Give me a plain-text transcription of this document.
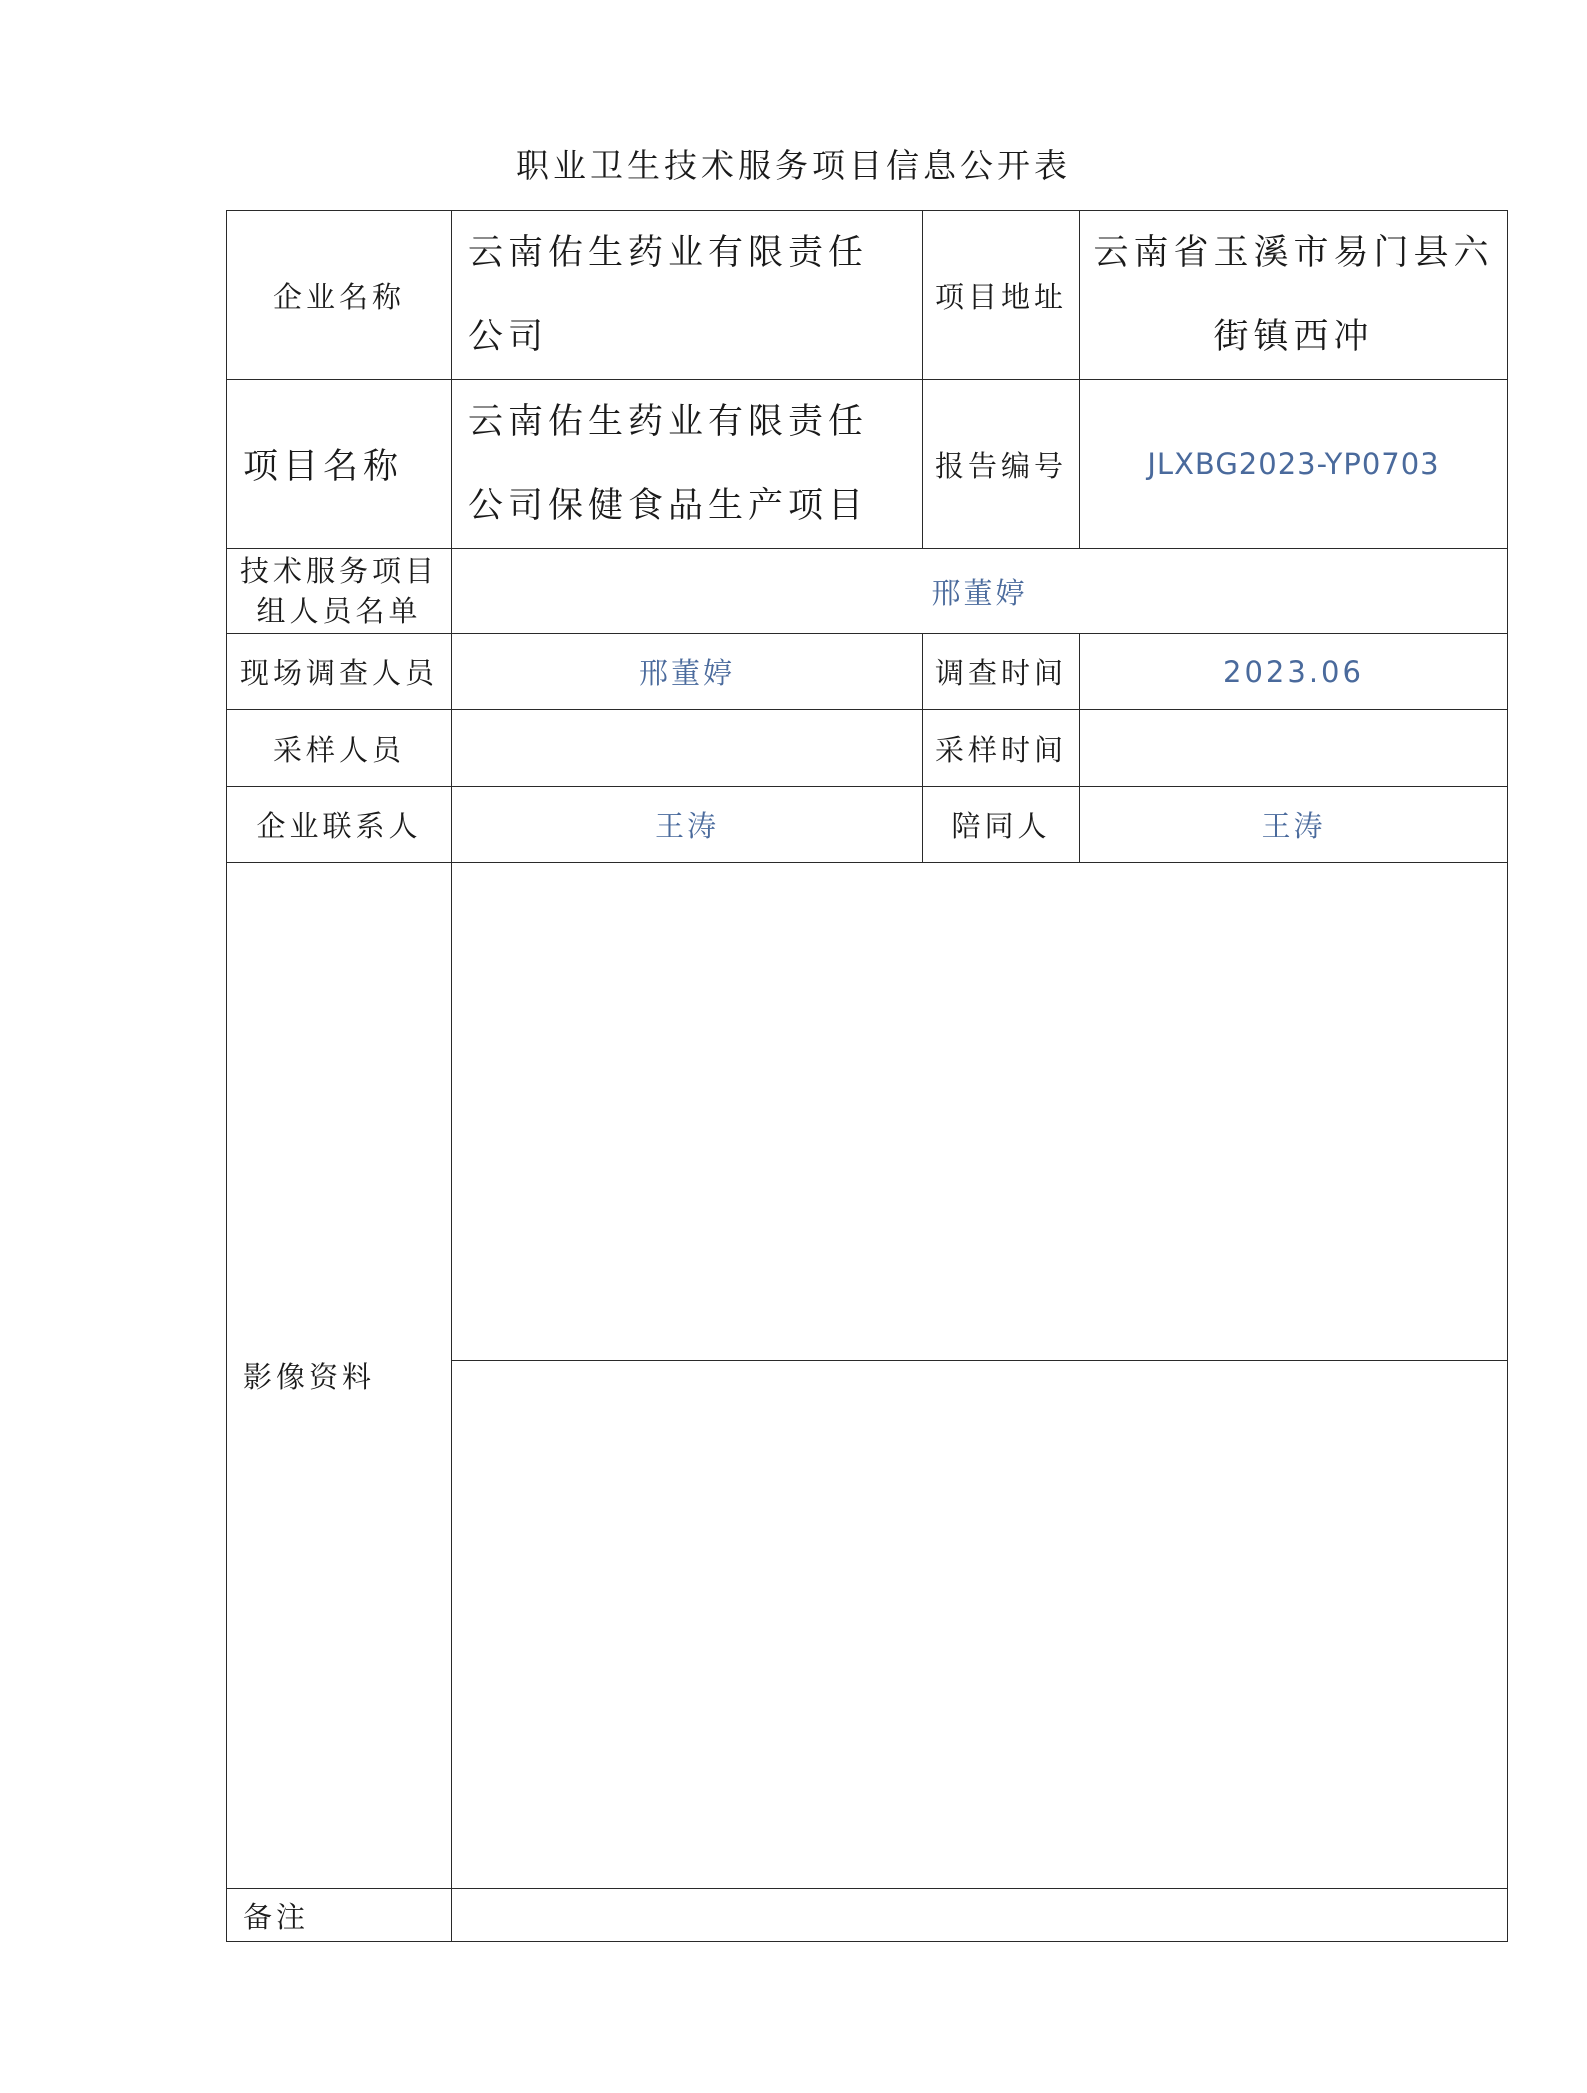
职业卫生技术服务项目信息公开表
企业名称	云南佑生药业有限责任公司	项目地址	云南省玉溪市易门县六街镇西冲
项目名称	云南佑生药业有限责任公司保健食品生产项目	报告编号	JLXBG2023-YP0703

技术服务项目
组人员名单	邢董婷		
现场调查人员	邢董婷	调查时间	2023.06
采样人员		采样时间	
企业联系人	王涛	陪同人	王涛
影像资料			

备注			
